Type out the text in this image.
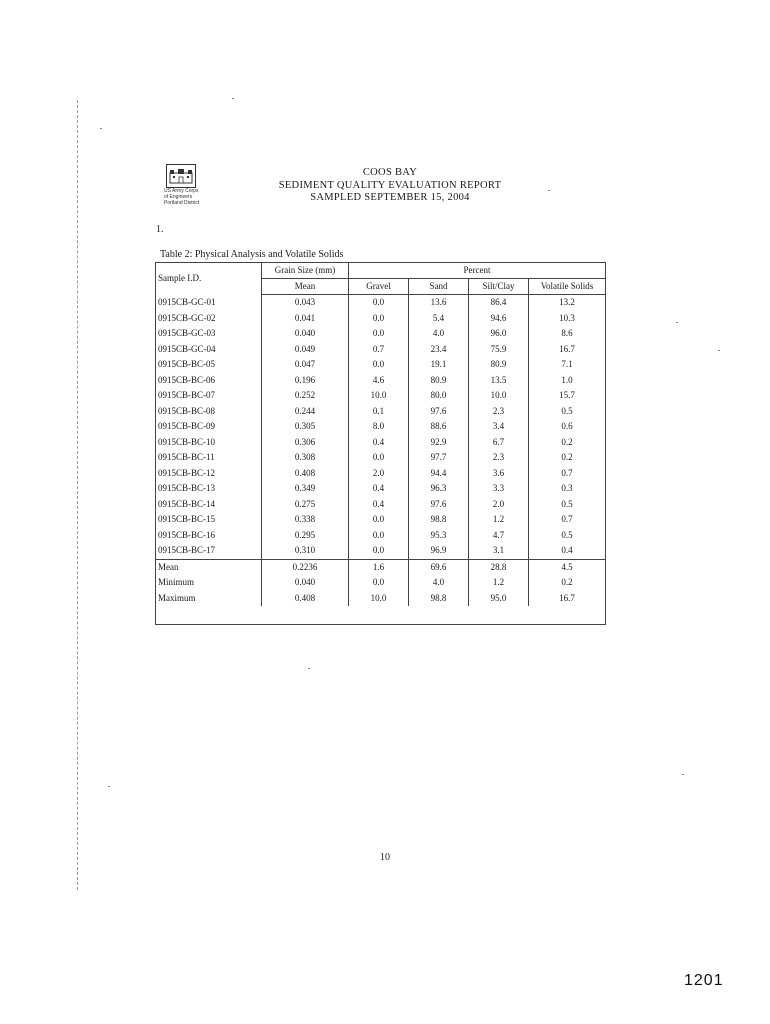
US Army Corps
of Engineers
Portland District
COOS BAY
SEDIMENT QUALITY EVALUATION REPORT
SAMPLED SEPTEMBER 15, 2004
1.
Table 2: Physical Analysis and Volatile Solids
Sample I.D.	Grain Size (mm)	Percent			
	Mean	Gravel	Sand	Silt/Clay	Volatile Solids
0915CB-GC-01	0.043	0.0	13.6	86.4	13.2
0915CB-GC-02	0.041	0.0	5.4	94.6	10.3
0915CB-GC-03	0.040	0.0	4.0	96.0	8.6
0915CB-GC-04	0.049	0.7	23.4	75.9	16.7
0915CB-BC-05	0.047	0.0	19.1	80.9	7.1
0915CB-BC-06	0.196	4.6	80.9	13.5	1.0
0915CB-BC-07	0.252	10.0	80.0	10.0	15.7
0915CB-BC-08	0.244	0.1	97.6	2.3	0.5
0915CB-BC-09	0.305	8.0	88.6	3.4	0.6
0915CB-BC-10	0.306	0.4	92.9	6.7	0.2
0915CB-BC-11	0.308	0.0	97.7	2.3	0.2
0915CB-BC-12	0.408	2.0	94.4	3.6	0.7
0915CB-BC-13	0.349	0.4	96.3	3.3	0.3
0915CB-BC-14	0.275	0.4	97.6	2.0	0.5
0915CB-BC-15	0.338	0.0	98.8	1.2	0.7
0915CB-BC-16	0.295	0.0	95.3	4.7	0.5
0915CB-BC-17	0.310	0.0	96.9	3.1	0.4
Mean	0.2236	1.6	69.6	28.8	4.5
Minimum	0.040	0.0	4.0	1.2	0.2
Maximum	0.408	10.0	98.8	95.0	16.7

10
1201
